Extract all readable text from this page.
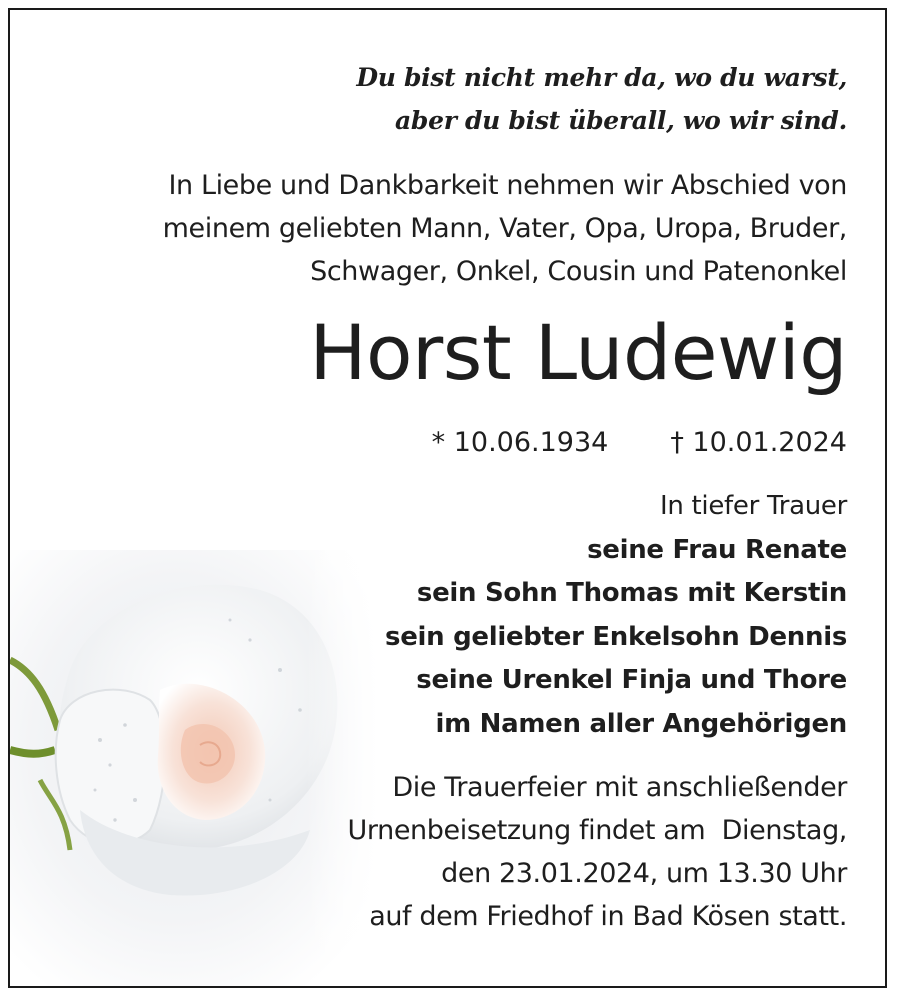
Du bist nicht mehr da, wo du warst,
aber du bist überall, wo wir sind.
In Liebe und Dankbarkeit nehmen wir Abschied von
meinem geliebten Mann, Vater, Opa, Uropa, Bruder,
Schwager, Onkel, Cousin und Patenonkel
Horst Ludewig
* 10.06.1934 † 10.01.2024
In tiefer Trauer
seine Frau Renate
sein Sohn Thomas mit Kerstin
sein geliebter Enkelsohn Dennis
seine Urenkel Finja und Thore
im Namen aller Angehörigen
Die Trauerfeier mit anschließender
Urnenbeisetzung findet am  Dienstag,
den 23.01.2024, um 13.30 Uhr
auf dem Friedhof in Bad Kösen statt.
